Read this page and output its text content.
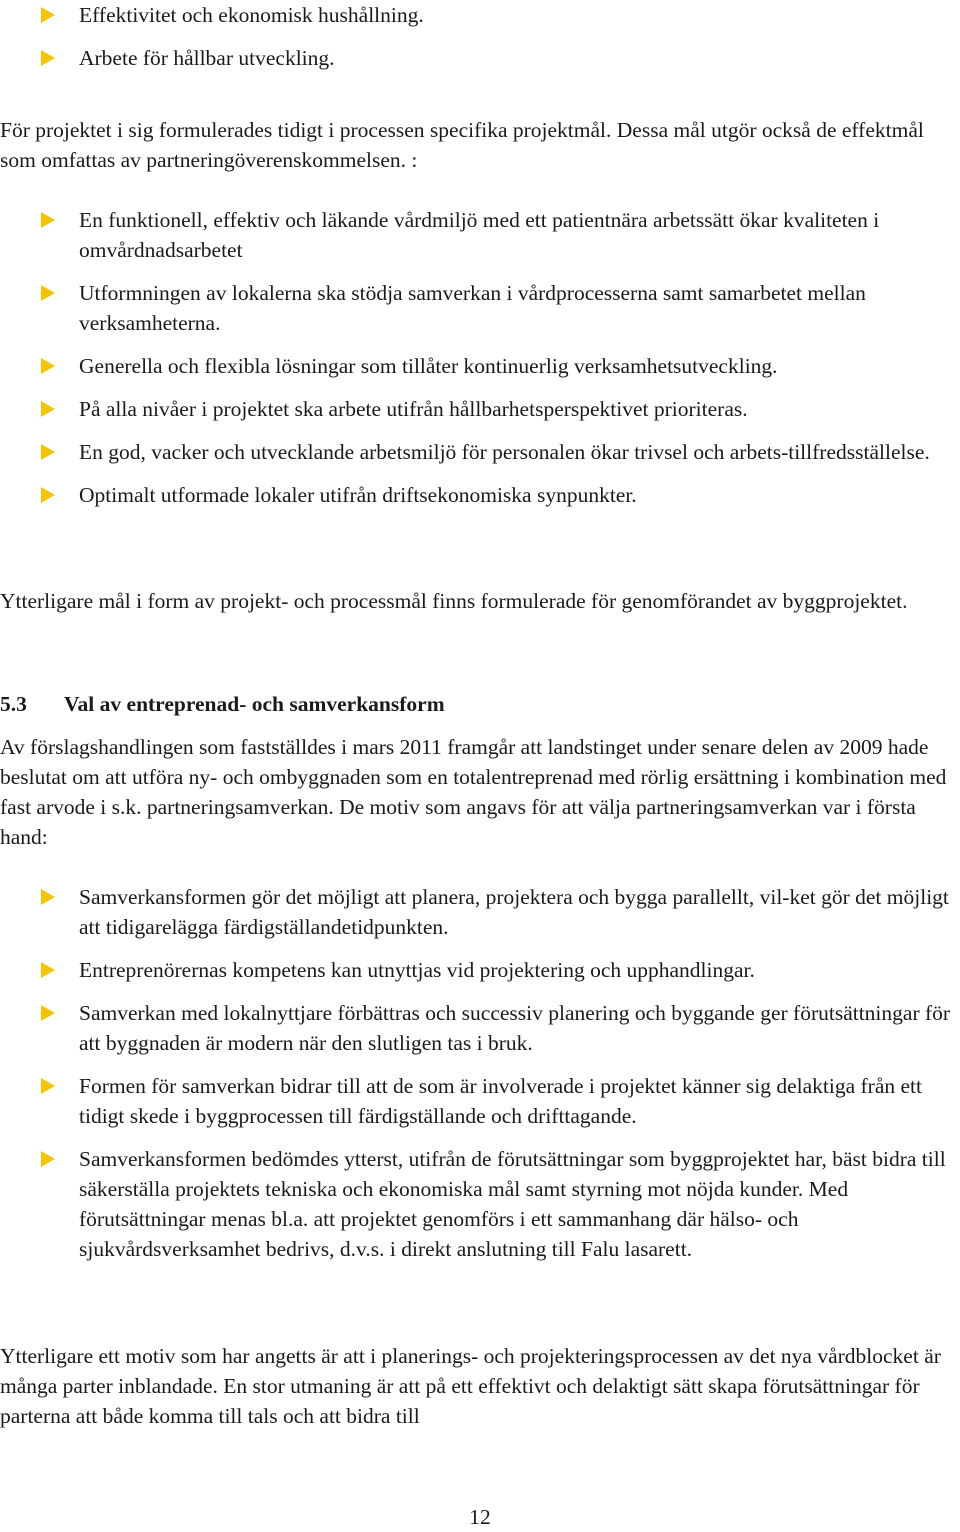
Effektivitet och ekonomisk hushållning.
Arbete för hållbar utveckling.

För projektet i sig formulerades tidigt i processen specifika projektmål. Dessa mål utgör också de effektmål som omfattas av partneringöverenskommelsen. :

En funktionell, effektiv och läkande vårdmiljö med ett patientnära arbetssätt ökar kvaliteten i omvårdnadsarbetet
Utformningen av lokalerna ska stödja samverkan i vårdprocesserna samt samarbetet mellan verksamheterna.
Generella och flexibla lösningar som tillåter kontinuerlig verksamhetsutveckling.
På alla nivåer i projektet ska arbete utifrån hållbarhetsperspektivet prioriteras.
En god, vacker och utvecklande arbetsmiljö för personalen ökar trivsel och arbets-tillfredsställelse.
Optimalt utformade lokaler utifrån driftsekonomiska synpunkter.

Ytterligare mål i form av projekt- och processmål finns formulerade för genomförandet av byggprojektet.

5.3 Val av entreprenad- och samverkansform

Av förslagshandlingen som fastställdes i mars 2011 framgår att landstinget under senare delen av 2009 hade beslutat om att utföra ny- och ombyggnaden som en totalentreprenad med rörlig ersättning i kombination med fast arvode i s.k. partneringsamverkan. De motiv som angavs för att välja partneringsamverkan var i första hand:

Samverkansformen gör det möjligt att planera, projektera och bygga parallellt, vil-ket gör det möjligt att tidigarelägga färdigställandetidpunkten.
Entreprenörernas kompetens kan utnyttjas vid projektering och upphandlingar.
Samverkan med lokalnyttjare förbättras och successiv planering och byggande ger förutsättningar för att byggnaden är modern när den slutligen tas i bruk.
Formen för samverkan bidrar till att de som är involverade i projektet känner sig delaktiga från ett tidigt skede i byggprocessen till färdigställande och drifttagande.
Samverkansformen bedömdes ytterst, utifrån de förutsättningar som byggprojektet har, bäst bidra till säkerställa projektets tekniska och ekonomiska mål samt styrning mot nöjda kunder. Med förutsättningar menas bl.a. att projektet genomförs i ett sammanhang där hälso- och sjukvårdsverksamhet bedrivs, d.v.s. i direkt anslutning till Falu lasarett.

Ytterligare ett motiv som har angetts är att i planerings- och projekteringsprocessen av det nya vårdblocket är många parter inblandade. En stor utmaning är att på ett effektivt och delaktigt sätt skapa förutsättningar för parterna att både komma till tals och att bidra till

12
